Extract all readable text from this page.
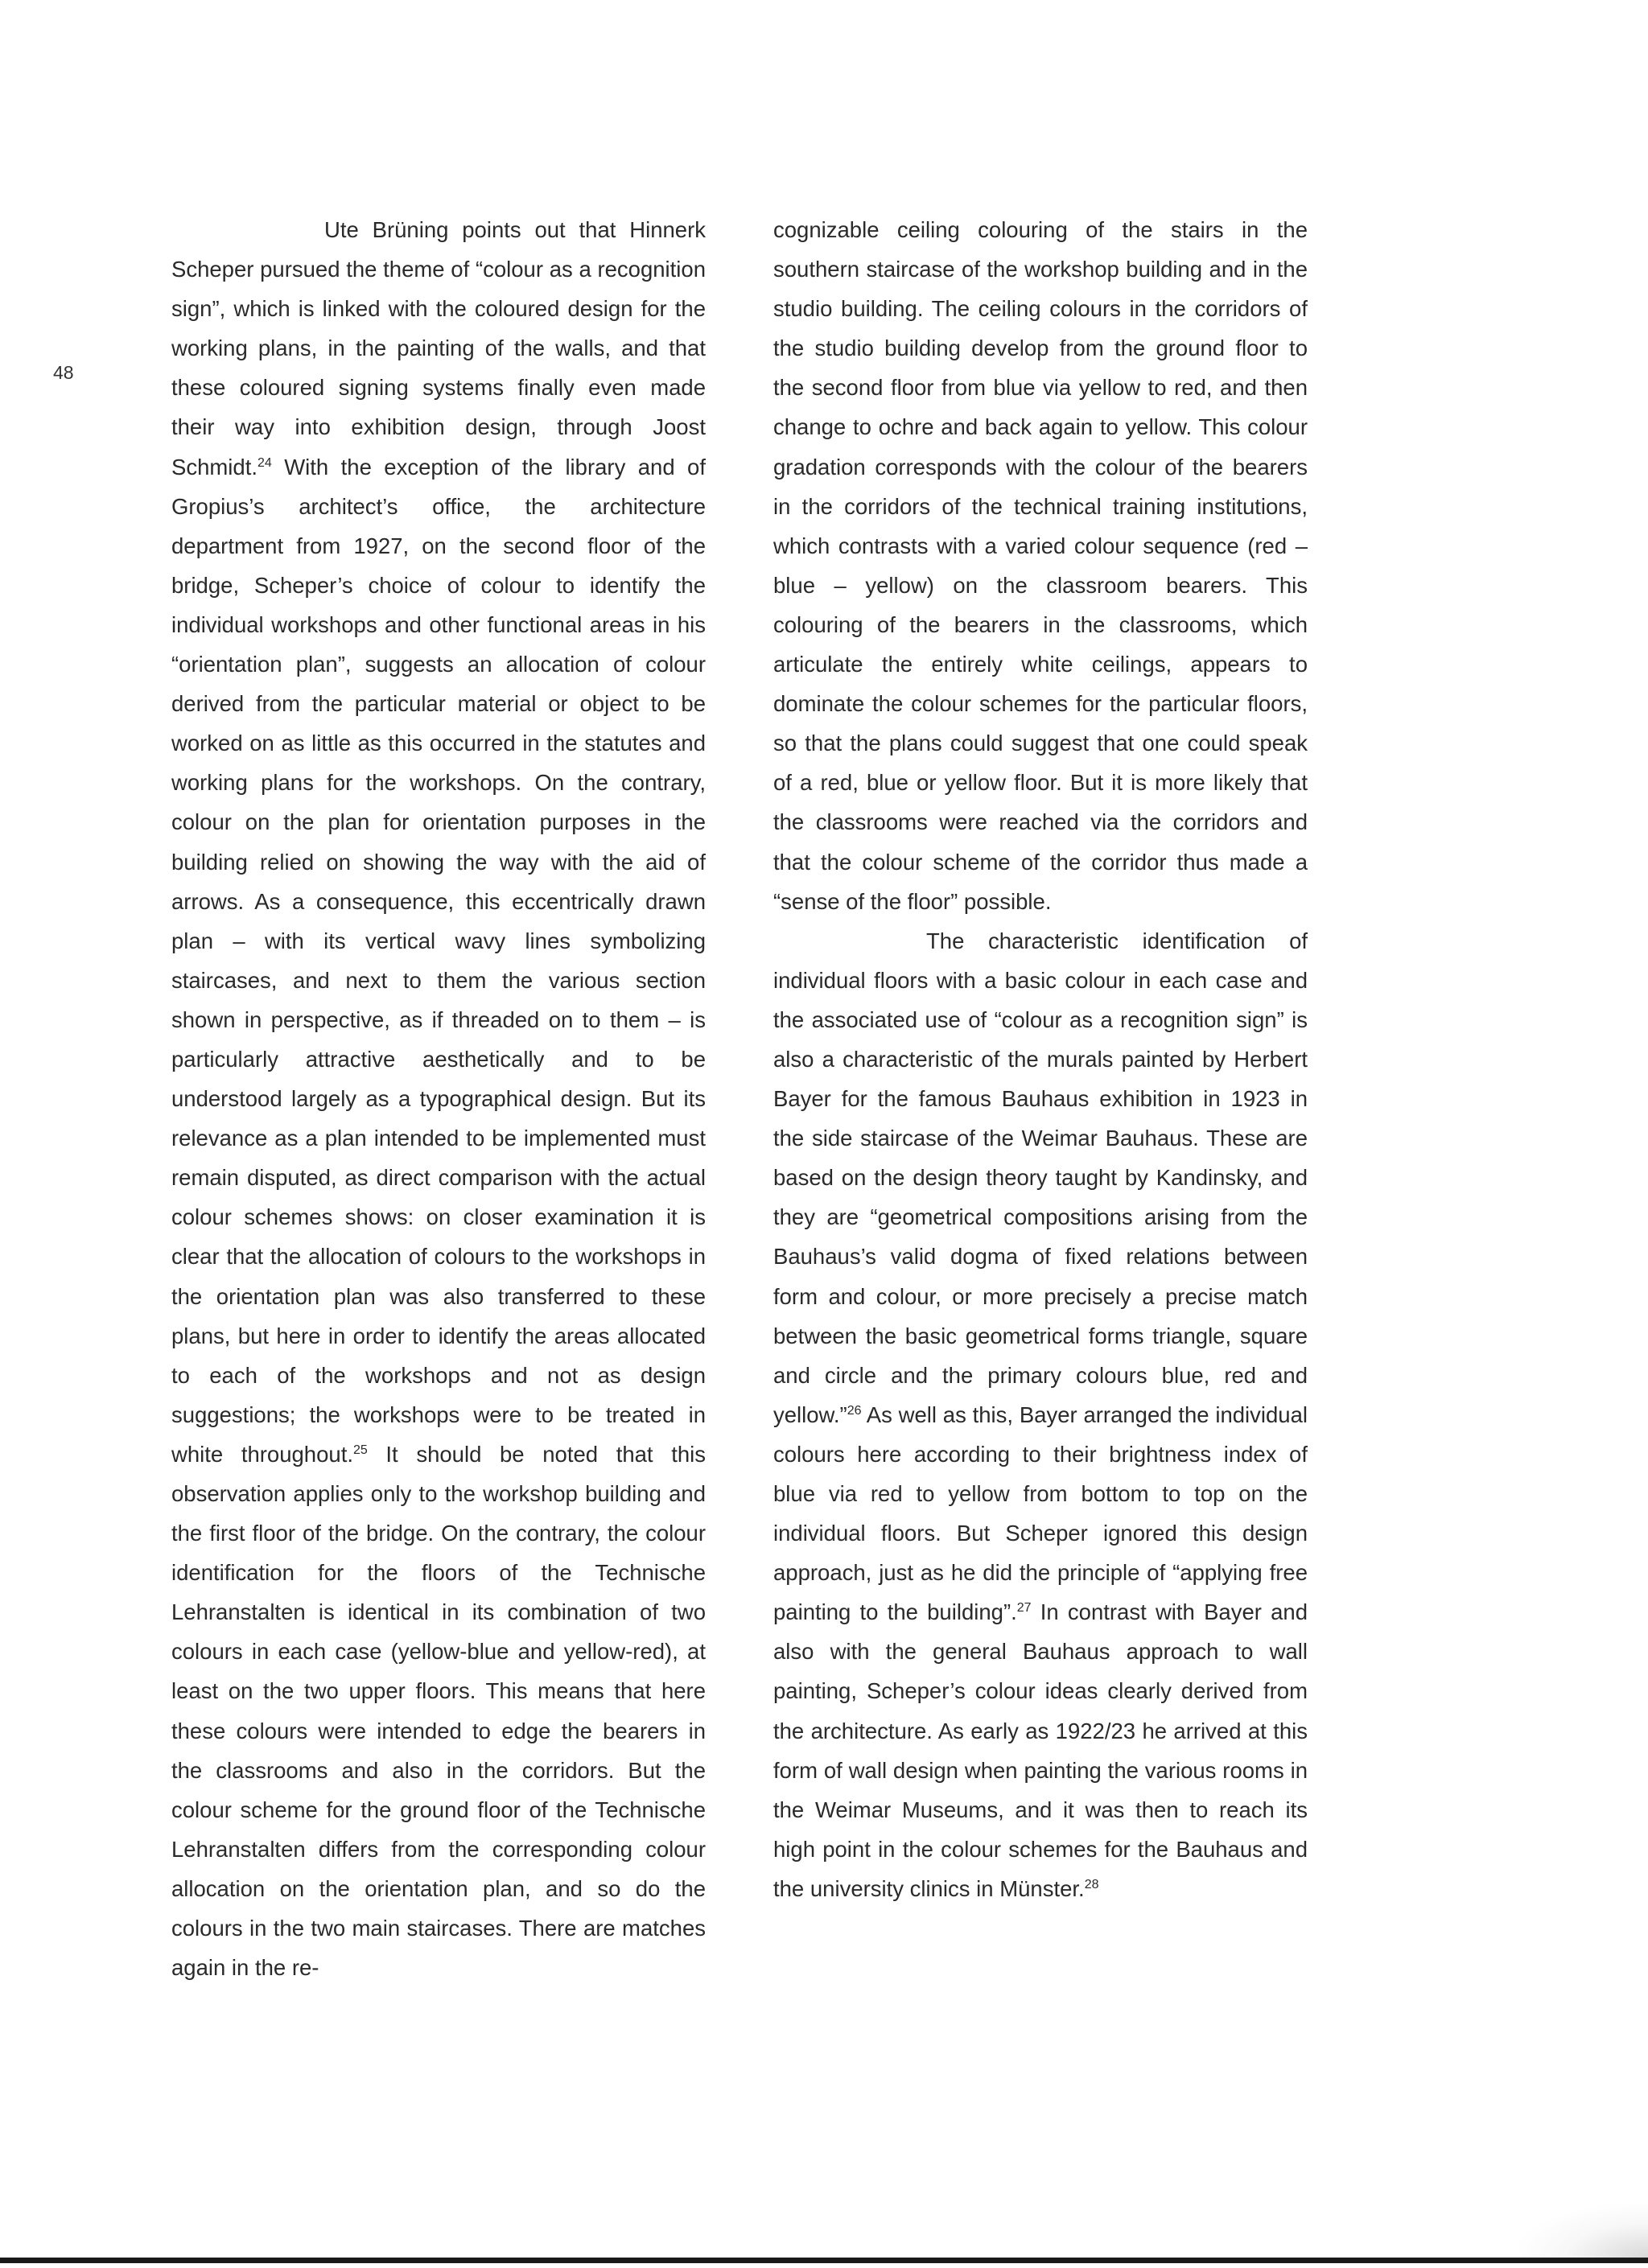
48

Ute Brüning points out that Hinnerk Scheper pursued the theme of “colour as a recognition sign”, which is linked with the coloured design for the working plans, in the painting of the walls, and that these coloured signing systems finally even made their way into exhibition design, through Joost Schmidt.$^{24}$ With the exception of the library and of Gropius’s architect’s office, the architecture department from 1927, on the second floor of the bridge, Scheper’s choice of colour to identify the individual workshops and other functional areas in his “orientation plan”, suggests an allocation of colour derived from the particular material or object to be worked on as little as this occurred in the statutes and working plans for the workshops. On the contrary, colour on the plan for orientation purposes in the building relied on showing the way with the aid of arrows. As a consequence, this eccentrically drawn plan – with its vertical wavy lines symbolizing staircases, and next to them the various section shown in perspective, as if threaded on to them – is particularly attractive aesthetically and to be understood largely as a typographical design. But its relevance as a plan intended to be implemented must remain disputed, as direct comparison with the actual colour schemes shows: on closer examination it is clear that the allocation of colours to the workshops in the orientation plan was also transferred to these plans, but here in order to identify the areas allocated to each of the workshops and not as design suggestions; the workshops were to be treated in white throughout.$^{25}$ It should be noted that this observation applies only to the workshop building and the first floor of the bridge. On the contrary, the colour identification for the floors of the Technische Lehranstalten is identical in its combination of two colours in each case (yellow-blue and yellow-red), at least on the two upper floors. This means that here these colours were intended to edge the bearers in the classrooms and also in the corridors. But the colour scheme for the ground floor of the Technische Lehranstalten differs from the corresponding colour allocation on the orientation plan, and so do the colours in the two main staircases. There are matches again in the re-

cognizable ceiling colouring of the stairs in the southern staircase of the workshop building and in the studio building. The ceiling colours in the corridors of the studio building develop from the ground floor to the second floor from blue via yellow to red, and then change to ochre and back again to yellow. This colour gradation corresponds with the colour of the bearers in the corridors of the technical training institutions, which contrasts with a varied colour sequence (red – blue – yellow) on the classroom bearers. This colouring of the bearers in the classrooms, which articulate the entirely white ceilings, appears to dominate the colour schemes for the particular floors, so that the plans could suggest that one could speak of a red, blue or yellow floor. But it is more likely that the classrooms were reached via the corridors and that the colour scheme of the corridor thus made a “sense of the floor” possible.

The characteristic identification of individual floors with a basic colour in each case and the associated use of “colour as a recognition sign” is also a characteristic of the murals painted by Herbert Bayer for the famous Bauhaus exhibition in 1923 in the side staircase of the Weimar Bauhaus. These are based on the design theory taught by Kandinsky, and they are “geometrical compositions arising from the Bauhaus’s valid dogma of fixed relations between form and colour, or more precisely a precise match between the basic geometrical forms triangle, square and circle and the primary colours blue, red and yellow.”$^{26}$ As well as this, Bayer arranged the individual colours here according to their brightness index of blue via red to yellow from bottom to top on the individual floors. But Scheper ignored this design approach, just as he did the principle of “applying free painting to the building”.$^{27}$ In contrast with Bayer and also with the general Bauhaus approach to wall painting, Scheper’s colour ideas clearly derived from the architecture. As early as 1922/23 he arrived at this form of wall design when painting the various rooms in the Weimar Museums, and it was then to reach its high point in the colour schemes for the Bauhaus and the university clinics in Münster.$^{28}$
